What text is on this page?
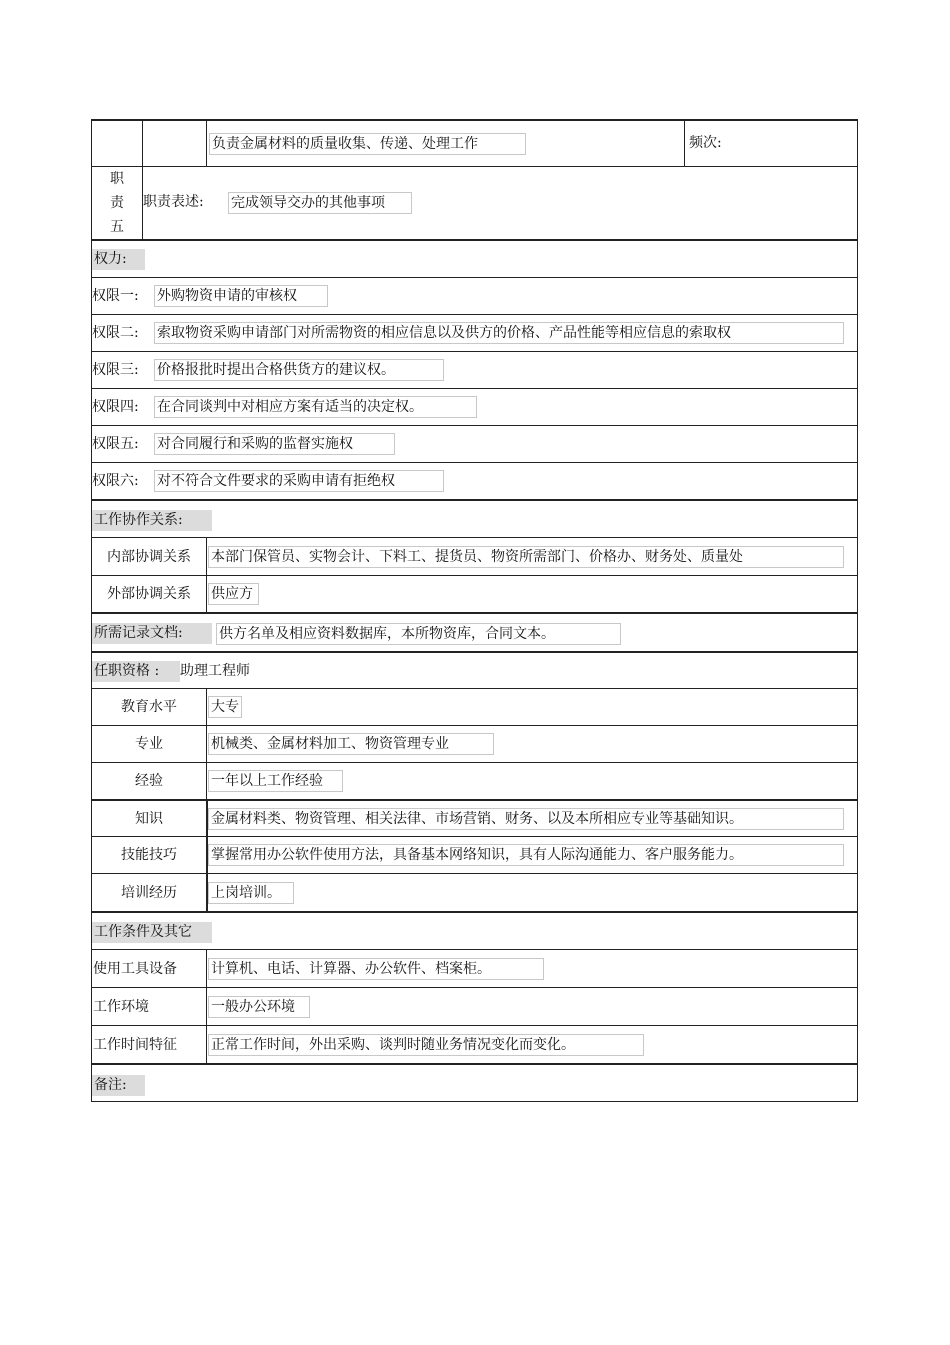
负责金属材料的质量收集、传递、处理工作	频次:
职
责
五
职责表述: 完成领导交办的其他事项
权力:
权限一: 外购物资申请的审核权
权限二: 索取物资采购申请部门对所需物资的相应信息以及供方的价格、产品性能等相应信息的索取权
权限三: 价格报批时提出合格供货方的建议权。
权限四: 在合同谈判中对相应方案有适当的决定权。
权限五: 对合同履行和采购的监督实施权
权限六: 对不符合文件要求的采购申请有拒绝权
工作协作关系:
内部协调关系	本部门保管员、实物会计、下料工、提货员、物资所需部门、价格办、财务处、质量处
外部协调关系	供应方
所需记录文档:	供方名单及相应资料数据库，本所物资库，合同文本。
任职资格 :	助理工程师
教育水平	大专
专业	机械类、金属材料加工、物资管理专业
经验	一年以上工作经验
知识	金属材料类、物资管理、相关法律、市场营销、财务、以及本所相应专业等基础知识。
技能技巧	掌握常用办公软件使用方法，具备基本网络知识，具有人际沟通能力、客户服务能力。
培训经历	上岗培训。
工作条件及其它
使用工具设备 计算机、电话、计算器、办公软件、档案柜。
工作环境	一般办公环境
工作时间特征 正常工作时间，外出采购、谈判时随业务情况变化而变化。
备注:
